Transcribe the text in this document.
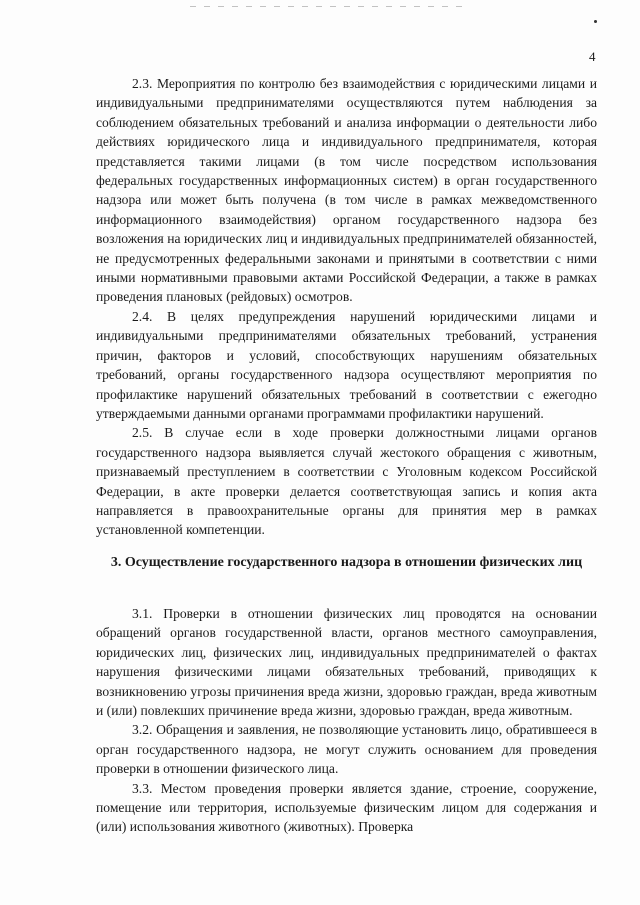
4

2.3. Мероприятия по контролю без взаимодействия с юридическими лицами и индивидуальными предпринимателями осуществляются путем наблюдения за соблюдением обязательных требований и анализа информации о деятельности либо действиях юридического лица и индивидуального предпринимателя, которая представляется такими лицами (в том числе посредством использования федеральных государственных информационных систем) в орган государственного надзора или может быть получена (в том числе в рамках межведомственного информационного взаимодействия) органом государственного надзора без возложения на юридических лиц и индивидуальных предпринимателей обязанностей, не предусмотренных федеральными законами и принятыми в соответствии с ними иными нормативными правовыми актами Российской Федерации, а также в рамках проведения плановых (рейдовых) осмотров.

2.4. В целях предупреждения нарушений юридическими лицами и индивидуальными предпринимателями обязательных требований, устранения причин, факторов и условий, способствующих нарушениям обязательных требований, органы государственного надзора осуществляют мероприятия по профилактике нарушений обязательных требований в соответствии с ежегодно утверждаемыми данными органами программами профилактики нарушений.

2.5. В случае если в ходе проверки должностными лицами органов государственного надзора выявляется случай жестокого обращения с животным, признаваемый преступлением в соответствии с Уголовным кодексом Российской Федерации, в акте проверки делается соответствующая запись и копия акта направляется в правоохранительные органы для принятия мер в рамках установленной компетенции.

3. Осуществление государственного надзора в отношении физических лиц

3.1. Проверки в отношении физических лиц проводятся на основании обращений органов государственной власти, органов местного самоуправления, юридических лиц, физических лиц, индивидуальных предпринимателей о фактах нарушения физическими лицами обязательных требований, приводящих к возникновению угрозы причинения вреда жизни, здоровью граждан, вреда животным и (или) повлекших причинение вреда жизни, здоровью граждан, вреда животным.

3.2. Обращения и заявления, не позволяющие установить лицо, обратившееся в орган государственного надзора, не могут служить основанием для проведения проверки в отношении физического лица.

3.3. Местом проведения проверки является здание, строение, сооружение, помещение или территория, используемые физическим лицом для содержания и (или) использования животного (животных). Проверка
